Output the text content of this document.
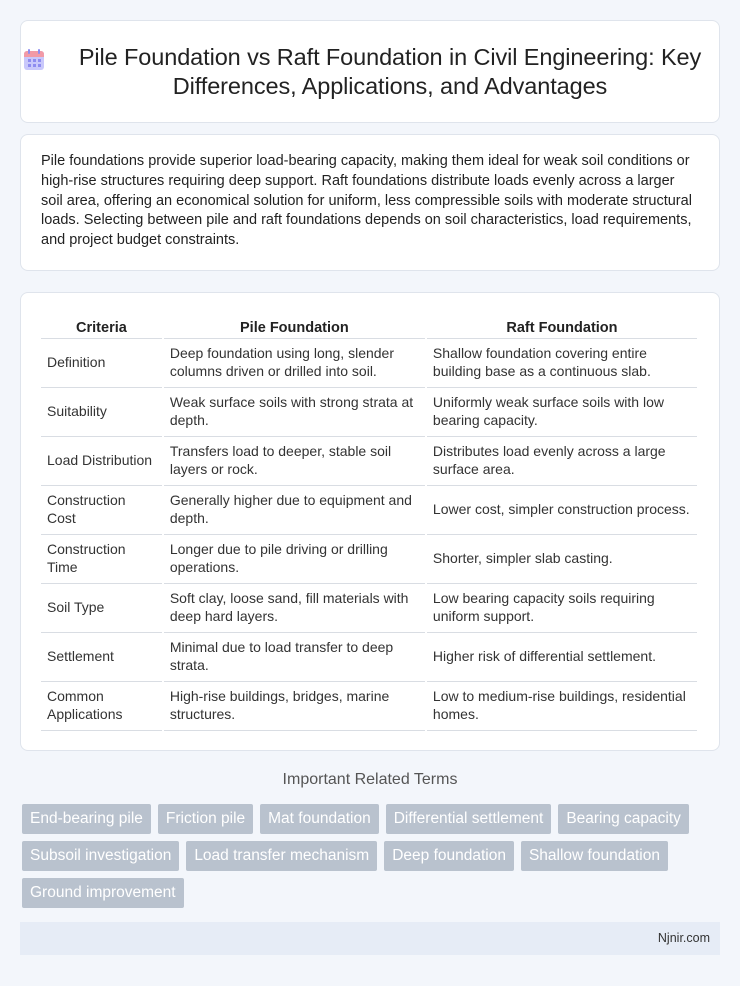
Pile Foundation vs Raft Foundation in Civil Engineering: Key Differences, Applications, and Advantages

Pile foundations provide superior load-bearing capacity, making them ideal for weak soil conditions or high-rise structures requiring deep support. Raft foundations distribute loads evenly across a larger soil area, offering an economical solution for uniform, less compressible soils with moderate structural loads. Selecting between pile and raft foundations depends on soil characteristics, load requirements, and project budget constraints.

Criteria	Pile Foundation	Raft Foundation
Definition	Deep foundation using long, slender columns driven or drilled into soil.	Shallow foundation covering entire building base as a continuous slab.
Suitability	Weak surface soils with strong strata at depth.	Uniformly weak surface soils with low bearing capacity.
Load Distribution	Transfers load to deeper, stable soil layers or rock.	Distributes load evenly across a large surface area.
Construction Cost	Generally higher due to equipment and depth.	Lower cost, simpler construction process.
Construction Time	Longer due to pile driving or drilling operations.	Shorter, simpler slab casting.
Soil Type	Soft clay, loose sand, fill materials with deep hard layers.	Low bearing capacity soils requiring uniform support.
Settlement	Minimal due to load transfer to deep strata.	Higher risk of differential settlement.
Common Applications	High-rise buildings, bridges, marine structures.	Low to medium-rise buildings, residential homes.
Important Related Terms
End-bearing pile	Friction pile	Mat foundation	Differential settlement	Bearing capacity
Subsoil investigation	Load transfer mechanism	Deep foundation	Shallow foundation
Ground improvement
Njnir.com
